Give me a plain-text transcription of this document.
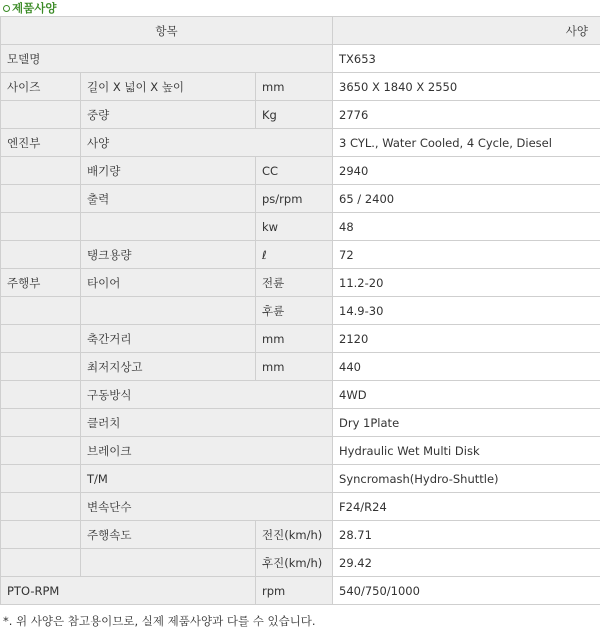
제품사양
항목			사양
모델명			TX653
사이즈	길이 X 넓이 X 높이	mm	3650 X 1840 X 2550
	중량	Kg	2776
엔진부	사양		3 CYL., Water Cooled, 4 Cycle, Diesel
	배기량	CC	2940
	출력	ps/rpm	65 / 2400
		kw	48
	탱크용량	ℓ	72
주행부	타이어	전륜	11.2-20
		후륜	14.9-30
	축간거리	mm	2120
	최저지상고	mm	440
	구동방식		4WD
	클러치		Dry 1Plate
	브레이크		Hydraulic Wet Multi Disk
	T/M		Syncromash(Hydro-Shuttle)
	변속단수		F24/R24
	주행속도	전진(km/h)	28.71
		후진(km/h)	29.42
PTO-RPM		rpm	540/750/1000
*. 위 사양은 참고용이므로, 실제 제품사양과 다를 수 있습니다.
